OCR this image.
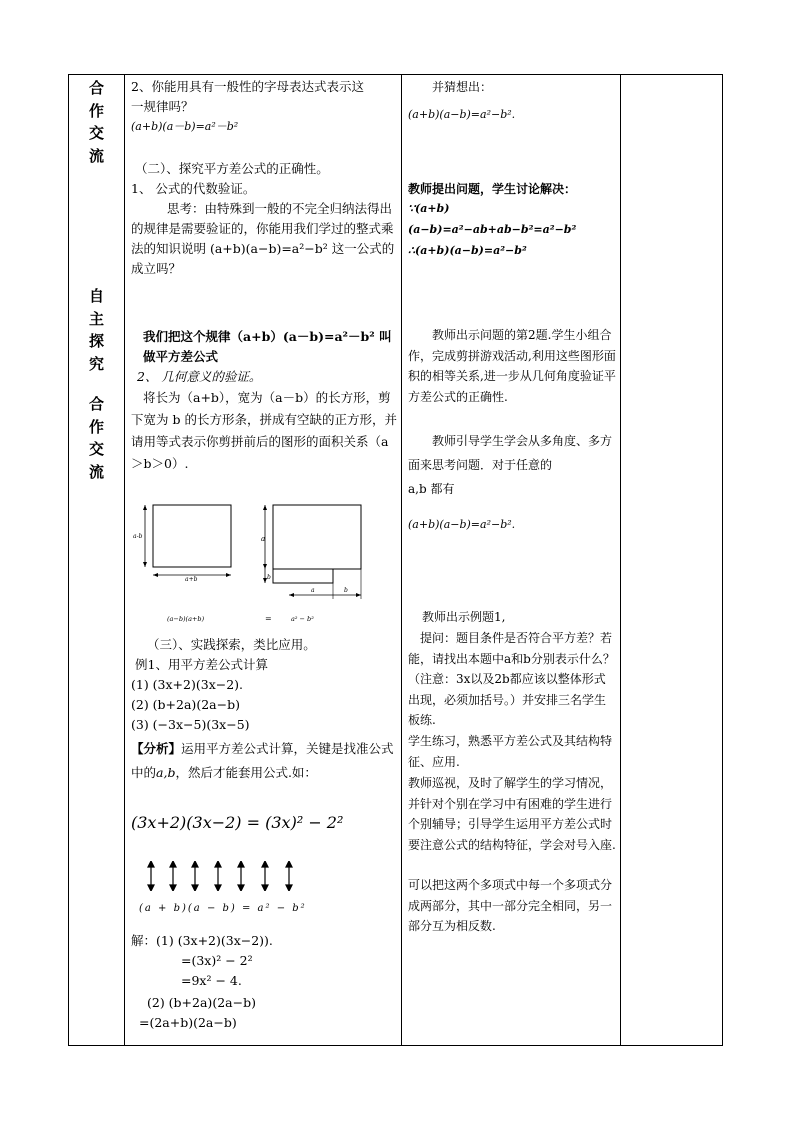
合
作
交
流
自
主
探
究
合
作
交
流
2、你能用具有一般性的字母表达式表示这
一规律吗？
(a+b)(a－b)=a²－b²
（二）、探究平方差公式的正确性。
1、 公式的代数验证。
思考：由特殊到一般的不完全归纳法得出的规律是需要验证的，你能用我们学过的整式乘法的知识说明 (a+b)(a−b)=a²−b² 这一公式的成立吗？
我们把这个规律（a+b）(a－b)=a²－b² 叫做平方差公式
2、 几何意义的验证。
将长为（a+b），宽为（a－b）的长方形，剪下宽为 b 的长方形条，拼成有空缺的正方形，并请用等式表示你剪拼前后的图形的面积关系（a＞b＞0）.
a-b
a+b
a
b
a	b
(a−b)(a+b)	=	a² − b²
（三）、实践探索，类比应用。
例1、用平方差公式计算
(1) (3x+2)(3x−2).
(2) (b+2a)(2a−b)
(3) (−3x−5)(3x−5)
【分析】运用平方差公式计算，关键是找准公式中的a,b，然后才能套用公式.如：
(3x+2)(3x−2) = (3x)² − 2²
(a + b)(a − b) = a² − b²
解：(1) (3x+2)(3x−2)).
=(3x)² − 2²
=9x² − 4.
(2) (b+2a)(2a−b)
=(2a+b)(2a−b)
并猜想出：
(a+b)(a−b)=a²−b².
教师提出问题，学生讨论解决：
∵(a+b)(a−b)=a²−ab+ab−b²=a²−b²
∴(a+b)(a−b)=a²−b²
教师出示问题的第2题.学生小组合作，完成剪拼游戏活动,利用这些图形面积的相等关系,进一步从几何角度验证平方差公式的正确性.
教师引导学生学会从多角度、多方面来思考问题．对于任意的
a,b 都有
(a+b)(a−b)=a²−b².
教师出示例题1,
提问：题目条件是否符合平方差？若能，请找出本题中a和b分别表示什么？（注意：3x以及2b都应该以整体形式出现，必须加括号。）并安排三名学生板练.
学生练习，熟悉平方差公式及其结构特征、应用.
教师巡视，及时了解学生的学习情况，并针对个别在学习中有困难的学生进行个别辅导；引导学生运用平方差公式时要注意公式的结构特征，学会对号入座.
可以把这两个多项式中每一个多项式分成两部分，其中一部分完全相同，另一部分互为相反数.
